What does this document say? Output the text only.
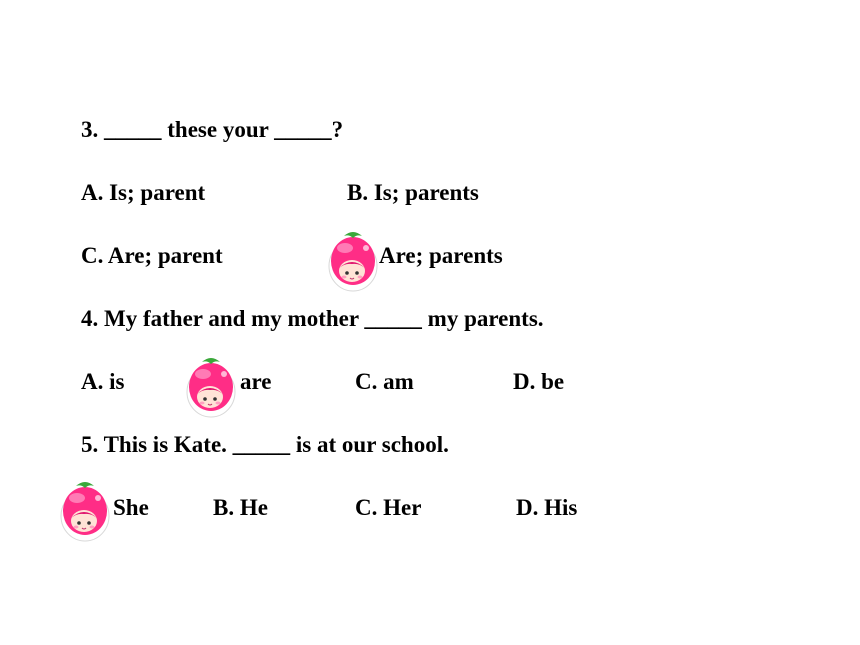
3. _____ these your _____?
A. Is; parent	B. Is; parents
C. Are; parent	Are; parents
4. My father and my mother _____ my parents.
A. is	are	C. am	D. be
5. This is Kate. _____ is at our school.
She	B. He	C. Her	D. His
